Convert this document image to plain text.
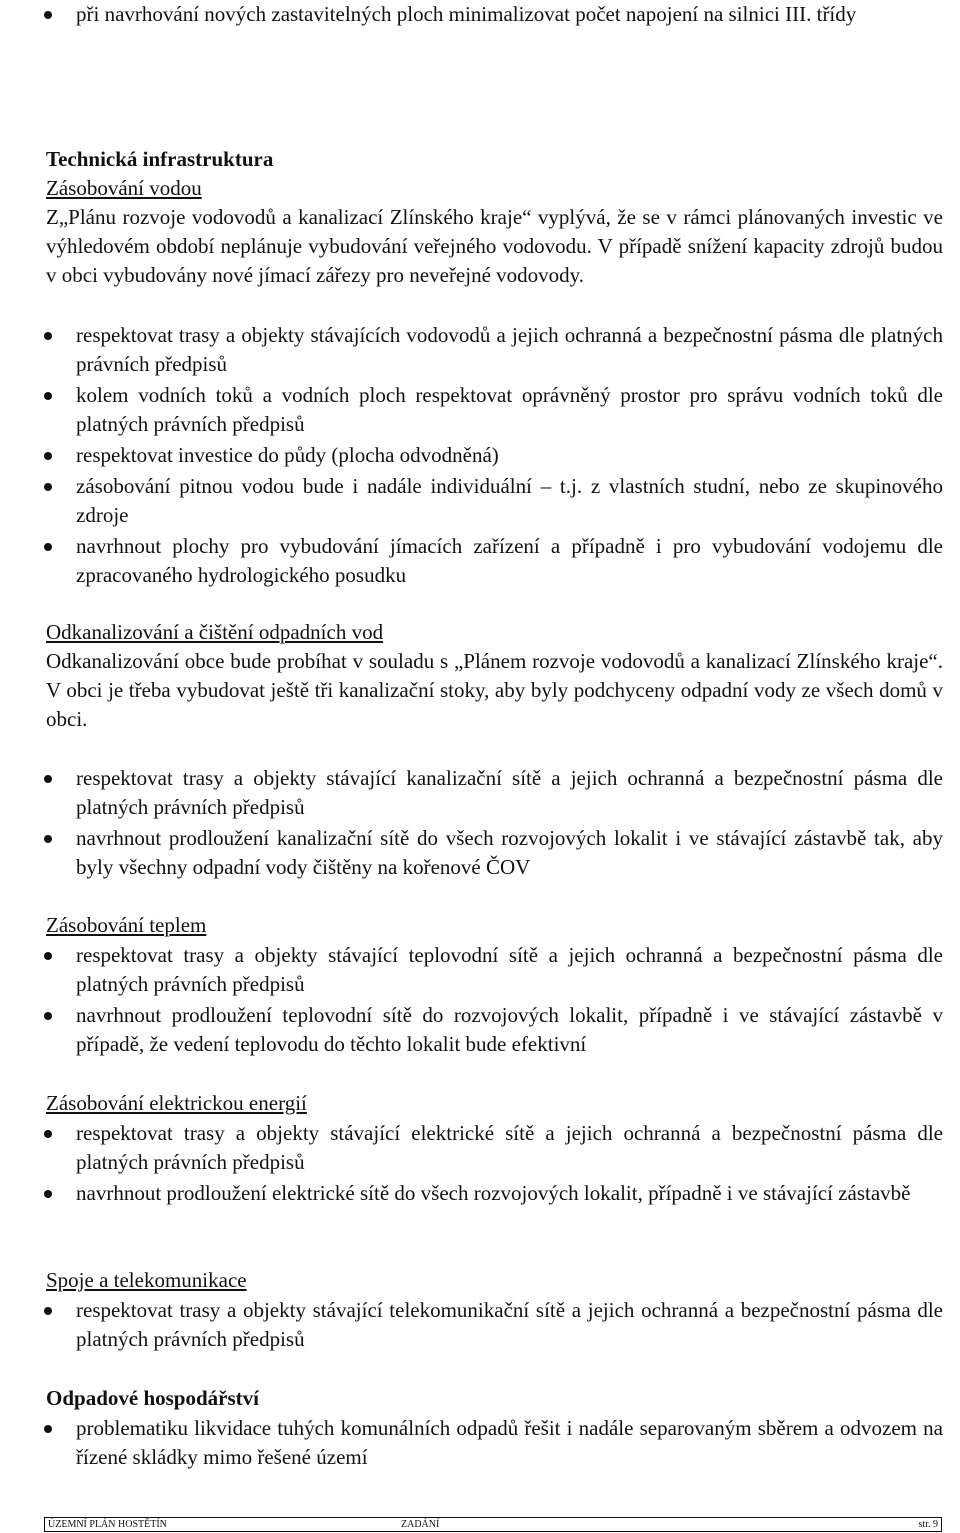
při navrhování nových zastavitelných ploch minimalizovat počet napojení na silnici III. třídy
Technická infrastruktura
Zásobování vodou
Z„Plánu rozvoje vodovodů a kanalizací Zlínského kraje“ vyplývá, že se v rámci plánovaných investic ve výhledovém období neplánuje vybudování veřejného vodovodu. V případě snížení kapacity zdrojů budou v obci vybudovány nové jímací zářezy pro neveřejné vodovody.
respektovat trasy a objekty stávajících vodovodů a jejich ochranná a bezpečnostní pásma dle platných právních předpisů
kolem vodních toků a vodních ploch respektovat oprávněný prostor pro správu vodních toků dle platných právních předpisů
respektovat investice do půdy (plocha odvodněná)
zásobování pitnou vodou bude i nadále individuální – t.j. z vlastních studní, nebo ze skupinového zdroje
navrhnout plochy pro vybudování jímacích zařízení a případně i pro vybudování vodojemu dle zpracovaného hydrologického posudku
Odkanalizování a čištění odpadních vod
Odkanalizování obce bude probíhat v souladu s „Plánem rozvoje vodovodů a kanalizací Zlínského kraje“. V obci je třeba vybudovat ještě tři kanalizační stoky, aby byly podchyceny odpadní vody ze všech domů v obci.
respektovat trasy a objekty stávající kanalizační sítě a jejich ochranná a bezpečnostní pásma dle platných právních předpisů
navrhnout prodloužení kanalizační sítě do všech rozvojových lokalit i ve stávající zástavbě tak, aby byly všechny odpadní vody čištěny na kořenové ČOV
Zásobování teplem
respektovat trasy a objekty stávající teplovodní sítě a jejich ochranná a bezpečnostní pásma dle platných právních předpisů
navrhnout prodloužení teplovodní sítě do rozvojových lokalit, případně i ve stávající zástavbě v případě, že vedení teplovodu do těchto lokalit bude efektivní
Zásobování elektrickou energií
respektovat trasy a objekty stávající elektrické sítě a jejich ochranná a bezpečnostní pásma dle platných právních předpisů
navrhnout prodloužení elektrické sítě do všech rozvojových lokalit, případně i ve stávající zástavbě
Spoje a telekomunikace
respektovat trasy a objekty stávající telekomunikační sítě a jejich ochranná a bezpečnostní pásma dle platných právních předpisů
Odpadové hospodářství
problematiku likvidace tuhých komunálních odpadů řešit i nadále separovaným sběrem a odvozem na řízené skládky mimo řešené území
ÚZEMNÍ PLÁN HOSTĚTÍN	ZADÁNÍ	str. 9
